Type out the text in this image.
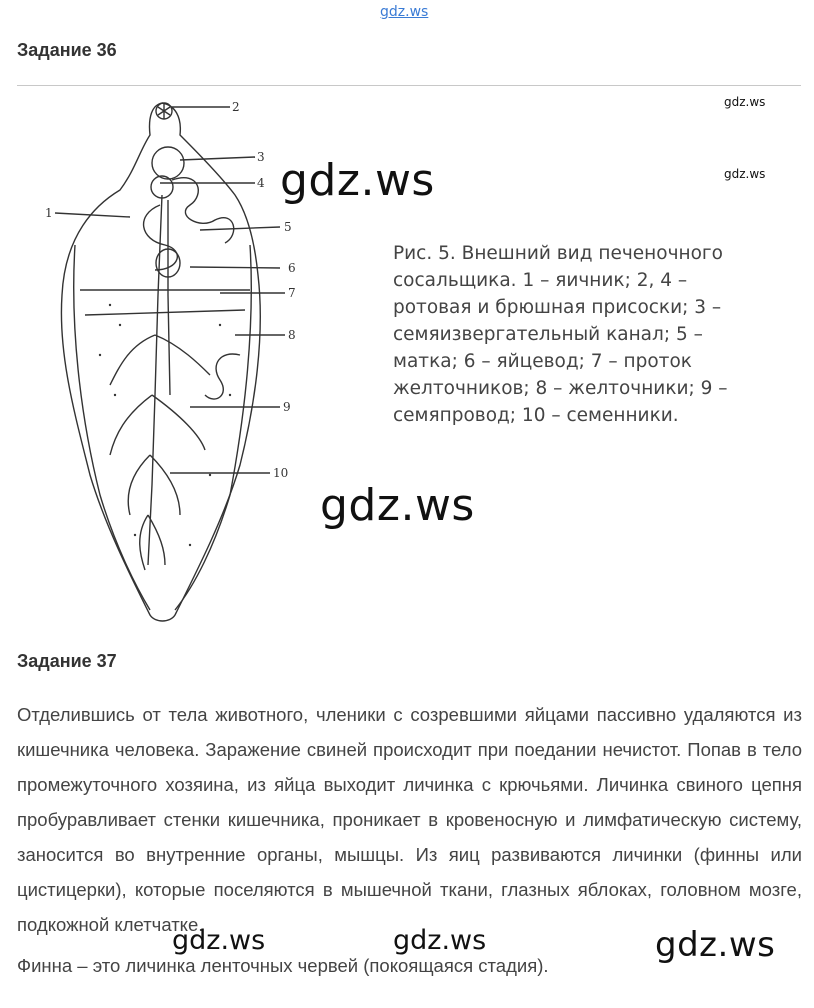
gdz.ws
Задание 36
gdz.ws
gdz.ws
2
3
4
1
5
6
7
8
9
10
gdz.ws
Рис. 5. Внешний вид печеночного сосальщика. 1 – яичник; 2, 4 – ротовая и брюшная присоски; 3 – семяизвергательный канал; 5 – матка; 6 – яйцевод; 7 – проток желточников; 8 – желточники; 9 – семяпровод; 10 – семенники.
gdz.ws
Задание 37
Отделившись от тела животного, членики с созревшими яйцами пассивно удаляются из кишечника человека. Заражение свиней происходит при поедании нечистот. Попав в тело промежуточного хозяина, из яйца выходит личинка с крючьями. Личинка свиного цепня пробуравливает стенки кишечника, проникает в кровеносную и лимфатическую систему, заносится во внутренние органы, мышцы. Из яиц развиваются личинки (финны или цистицерки), которые поселяются в мышечной ткани, глазных яблоках, головном мозге, подкожной клетчатке.
gdz.ws	gdz.ws	gdz.ws
Финна – это личинка ленточных червей (покоящаяся стадия).
